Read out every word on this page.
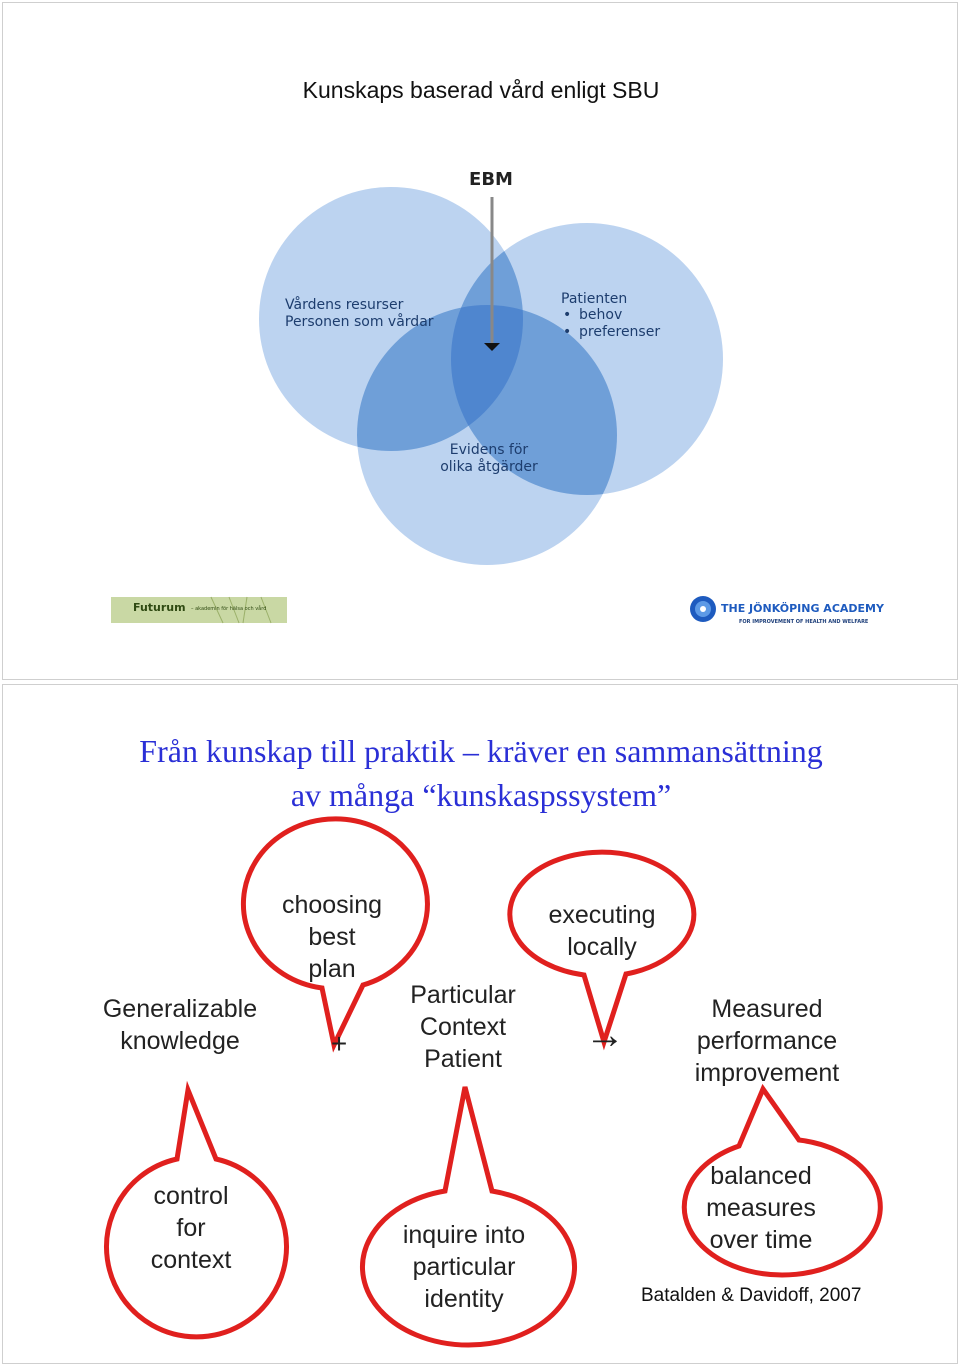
Kunskaps baserad vård enligt SBU
EBM
Vårdens resurser
Personen som vårdar
Patienten
• behov
• preferenser
Evidens för
olika åtgärder
Futurum – akademin för hälsa och vård	THE JÖNKÖPING ACADEMY
FOR IMPROVEMENT OF HEALTH AND WELFARE
Från kunskap till praktik – kräver en sammansättning
av många “kunskaspssystem”
Generalizable
knowledge	+
Particular
Context
Patient
→
Measured
performance
improvement
choosing
best
plan
executing
locally
control
for
context
inquire into
particular
identity
balanced
measures
over time
Batalden & Davidoff, 2007
